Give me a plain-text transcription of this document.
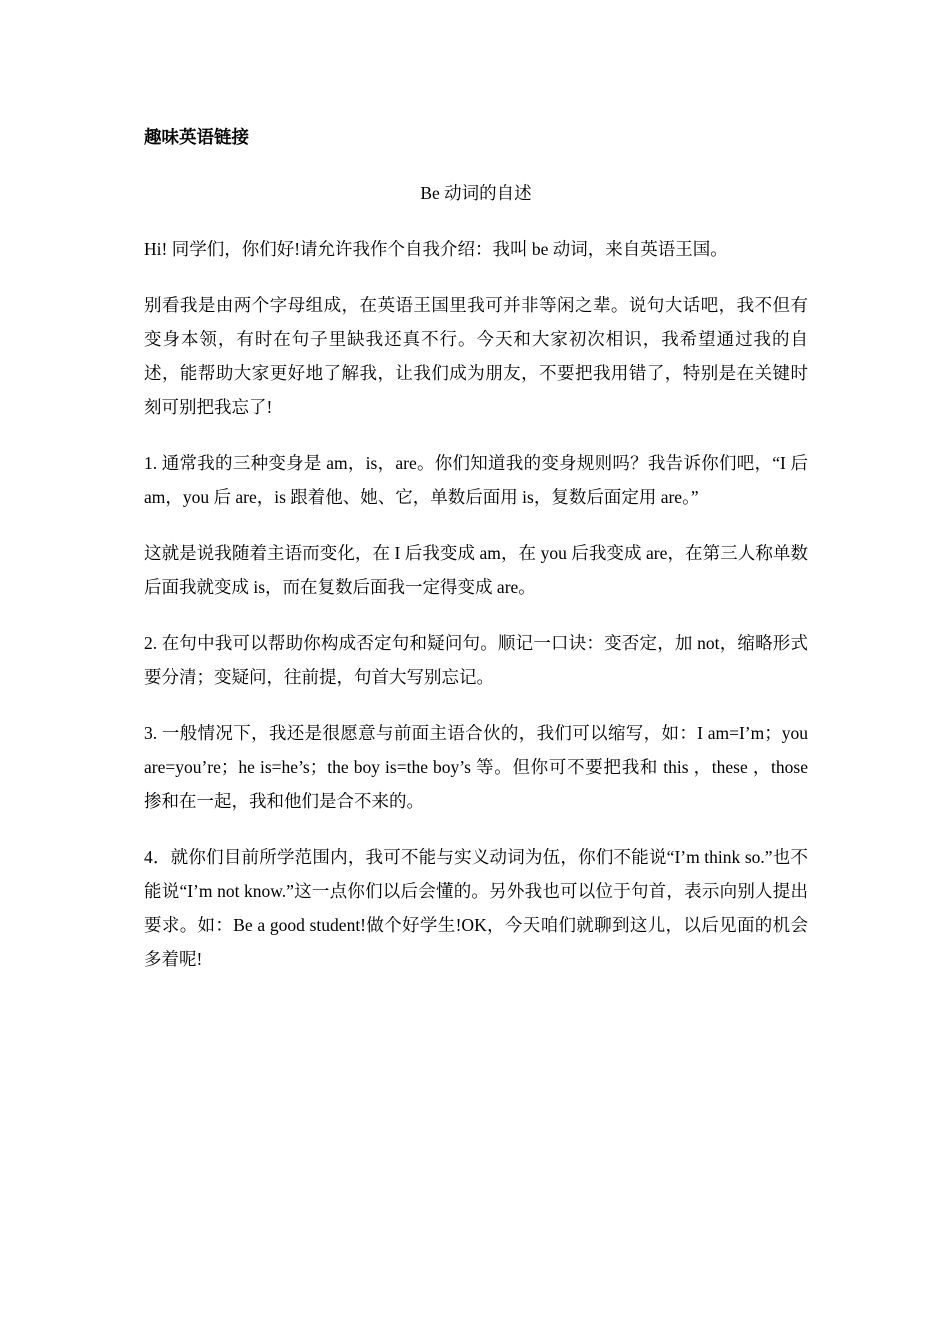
趣味英语链接
Be 动词的自述

Hi! 同学们，你们好!请允许我作个自我介绍：我叫 be 动词，来自英语王国。

别看我是由两个字母组成，在英语王国里我可并非等闲之辈。说句大话吧，我不但有变身本领，有时在句子里缺我还真不行。今天和大家初次相识，我希望通过我的自述，能帮助大家更好地了解我，让我们成为朋友，不要把我用错了，特别是在关键时刻可别把我忘了!

1. 通常我的三种变身是 am，is，are。你们知道我的变身规则吗？我告诉你们吧，“I 后 am，you 后 are，is 跟着他、她、它，单数后面用 is，复数后面定用 are。”

这就是说我随着主语而变化，在 I 后我变成 am，在 you 后我变成 are，在第三人称单数后面我就变成 is，而在复数后面我一定得变成 are。

2. 在句中我可以帮助你构成否定句和疑问句。顺记一口诀：变否定，加 not，缩略形式要分清；变疑问，往前提，句首大写别忘记。

3. 一般情况下，我还是很愿意与前面主语合伙的，我们可以缩写，如：I am=I’m；you are=you’re；he is=he’s；the boy is=the boy’s 等。但你可不要把我和 this ，these ，those 掺和在一起，我和他们是合不来的。

4．就你们目前所学范围内，我可不能与实义动词为伍，你们不能说“I’m think so.”也不能说“I’m not know.”这一点你们以后会懂的。另外我也可以位于句首，表示向别人提出要求。如：Be a good student!做个好学生!OK，今天咱们就聊到这儿，以后见面的机会多着呢!
